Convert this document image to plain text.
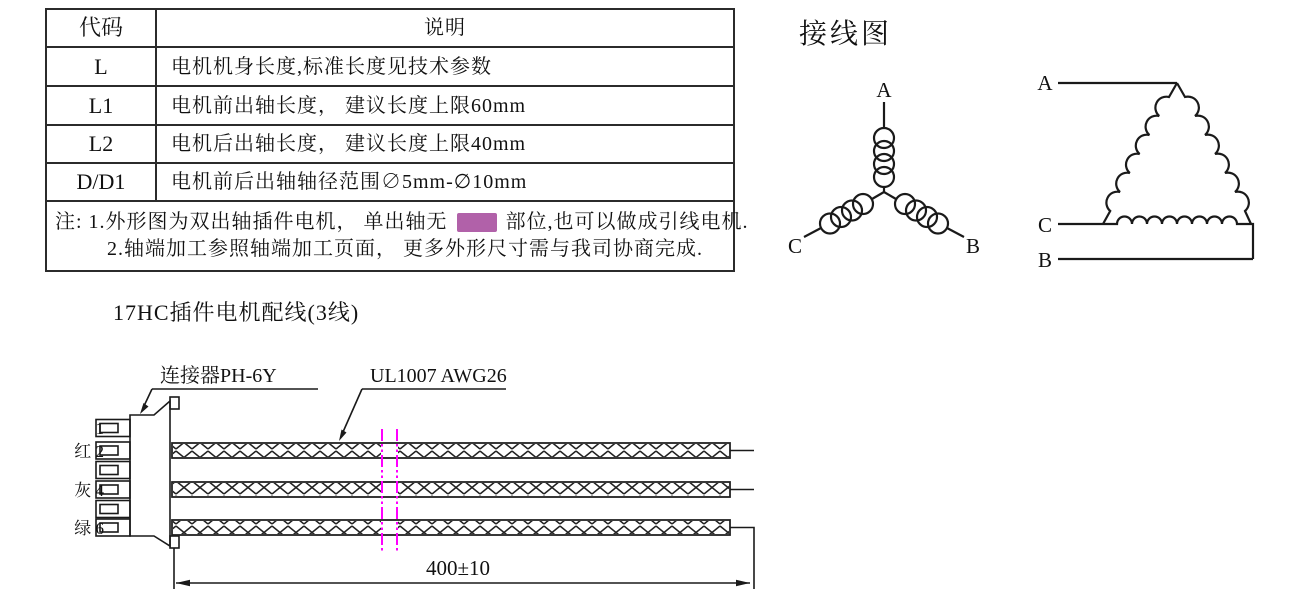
代码	说明
L	电机机身长度,标准长度见技术参数
L1	电机前出轴长度， 建议长度上限60mm
L2	电机后出轴长度， 建议长度上限40mm
D/D1	电机前后出轴轴径范围∅5mm-∅10mm
注: 1.外形图为双出轴插件电机， 单出轴无	部位,也可以做成引线电机.
2.轴端加工参照轴端加工页面， 更多外形尺寸需与我司协商完成.
接线图
17HC插件电机配线(3线)
A
C	B
A
C
B
连接器PH-6Y	UL1007 AWG26
1
红 2
灰 4
绿 6
400±10
